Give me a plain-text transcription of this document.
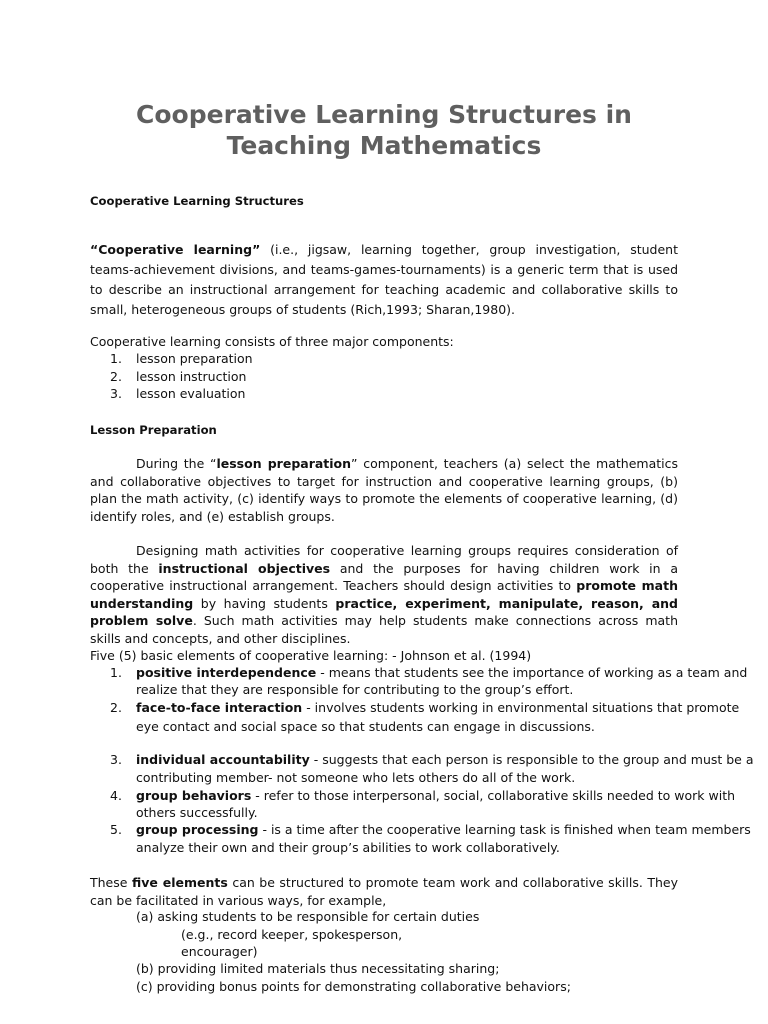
Cooperative Learning Structures in Teaching Mathematics
Cooperative Learning Structures
“Cooperative learning” (i.e., jigsaw, learning together, group investigation, student teams-achievement divisions, and teams-games-tournaments) is a generic term that is used to describe an instructional arrangement for teaching academic and collaborative skills to small, heterogeneous groups of students (Rich,1993; Sharan,1980).
Cooperative learning consists of three major components:
1. lesson preparation
2. lesson instruction
3. lesson evaluation
Lesson Preparation
During the “lesson preparation” component, teachers (a) select the mathematics and collaborative objectives to target for instruction and cooperative learning groups, (b) plan the math activity, (c) identify ways to promote the elements of cooperative learning, (d) identify roles, and (e) establish groups.
Designing math activities for cooperative learning groups requires consideration of both the instructional objectives and the purposes for having children work in a cooperative instructional arrangement. Teachers should design activities to promote math understanding by having students practice, experiment, manipulate, reason, and problem solve. Such math activities may help students make connections across math skills and concepts, and other disciplines.
Five (5) basic elements of cooperative learning: - Johnson et al. (1994)
1. positive interdependence - means that students see the importance of working as a team and
realize that they are responsible for contributing to the group’s effort.
2. face-to-face interaction - involves students working in environmental situations that promote
eye contact and social space so that students can engage in discussions.
3. individual accountability - suggests that each person is responsible to the group and must be a
contributing member- not someone who lets others do all of the work.
4. group behaviors - refer to those interpersonal, social, collaborative skills needed to work with
others successfully.
5. group processing - is a time after the cooperative learning task is finished when team members
analyze their own and their group’s abilities to work collaboratively.
These five elements can be structured to promote team work and collaborative skills. They can be facilitated in various ways, for example,
(a) asking students to be responsible for certain duties
(e.g., record keeper, spokesperson,
encourager)
(b) providing limited materials thus necessitating sharing;
(c) providing bonus points for demonstrating collaborative behaviors;
